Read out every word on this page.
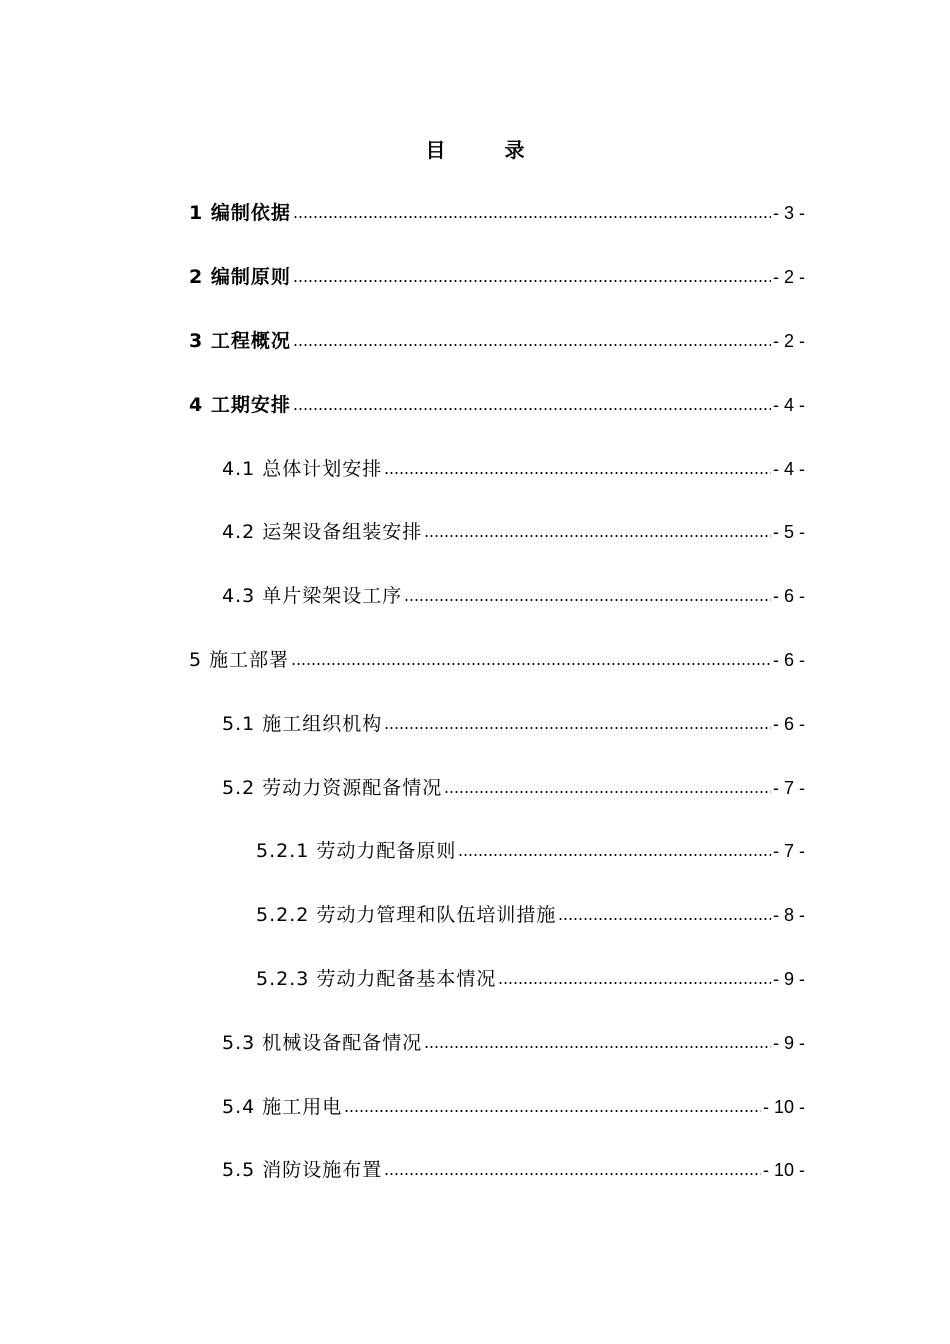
目 录
1 编制依据	- 3 -
2 编制原则	- 2 -
3 工程概况	- 2 -
4 工期安排	- 4 -
4.1 总体计划安排	- 4 -
4.2 运架设备组装安排	- 5 -
4.3 单片梁架设工序	- 6 -
5 施工部署	- 6 -
5.1 施工组织机构	- 6 -
5.2 劳动力资源配备情况	- 7 -
5.2.1 劳动力配备原则	- 7 -
5.2.2 劳动力管理和队伍培训措施	- 8 -
5.2.3 劳动力配备基本情况	- 9 -
5.3 机械设备配备情况	- 9 -
5.4 施工用电	- 10 -
5.5 消防设施布置	- 10 -
